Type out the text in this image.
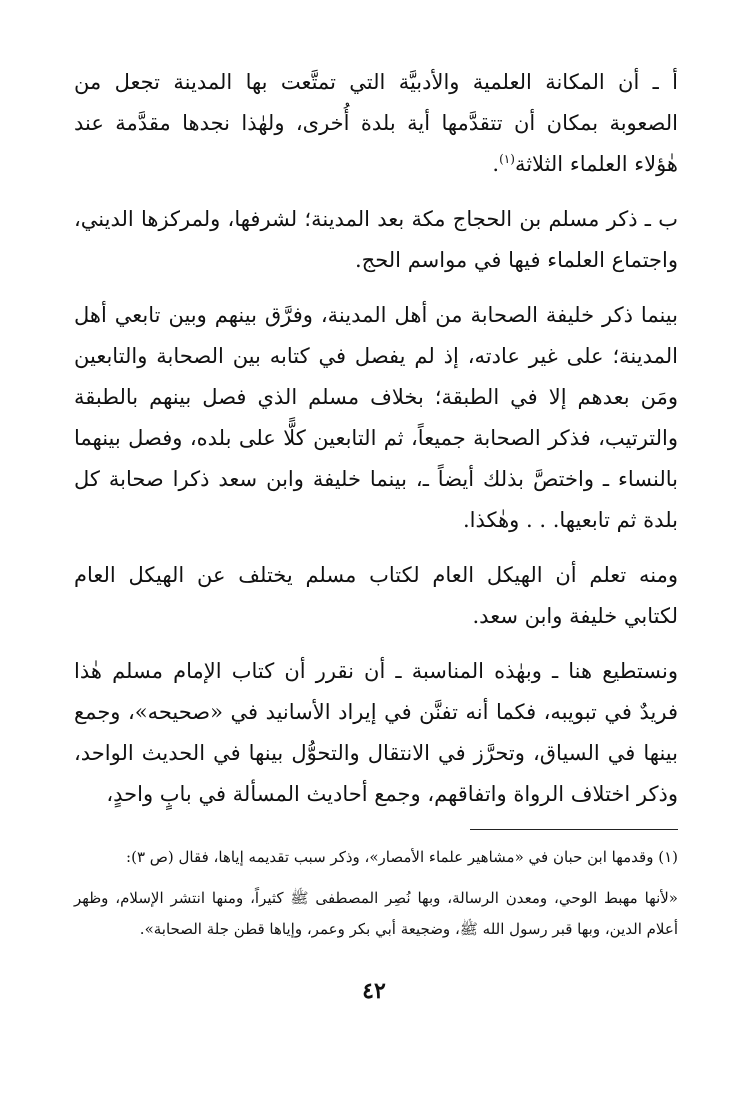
أ ـ أن المكانة العلمية والأدبيَّة التي تمتَّعت بها المدينة تجعل من الصعوبة بمكان أن تتقدَّمها أية بلدة أُخرى، ولهٰذا نجدها مقدَّمة عند هٰؤلاء العلماء الثلاثة$^{(١)}$.

ب ـ ذكر مسلم بن الحجاج مكة بعد المدينة؛ لشرفها، ولمركزها الديني، واجتماع العلماء فيها في مواسم الحج.

بينما ذكر خليفة الصحابة من أهل المدينة، وفرَّق بينهم وبين تابعي أهل المدينة؛ على غير عادته، إذ لم يفصل في كتابه بين الصحابة والتابعين ومَن بعدهم إلا في الطبقة؛ بخلاف مسلم الذي فصل بينهم بالطبقة والترتيب، فذكر الصحابة جميعاً، ثم التابعين كلًّا على بلده، وفصل بينهما بالنساء ـ واختصَّ بذلك أيضاً ـ، بينما خليفة وابن سعد ذكرا صحابة كل بلدة ثم تابعيها. . . وهٰكذا.

ومنه تعلم أن الهيكل العام لكتاب مسلم يختلف عن الهيكل العام لكتابي خليفة وابن سعد.

ونستطيع هنا ـ وبهٰذه المناسبة ـ أن نقرر أن كتاب الإمام مسلم هٰذا فريدٌ في تبويبه، فكما أنه تفنَّن في إيراد الأسانيد في «صحيحه»، وجمع بينها في السياق، وتحرَّز في الانتقال والتحوُّل بينها في الحديث الواحد، وذكر اختلاف الرواة واتفاقهم، وجمع أحاديث المسألة في بابٍ واحدٍ،

(١) وقدمها ابن حبان في «مشاهير علماء الأمصار»، وذكر سبب تقديمه إياها، فقال (ص ٣):

«لأنها مهبط الوحي، ومعدن الرسالة، وبها نُصِر المصطفى ﷺ كثيراً، ومنها انتشر الإسلام، وظهر أعلام الدين، وبها قبر رسول الله ﷺ، وضجيعة أبي بكر وعمر، وإياها قطن جلة الصحابة».

٤٢
